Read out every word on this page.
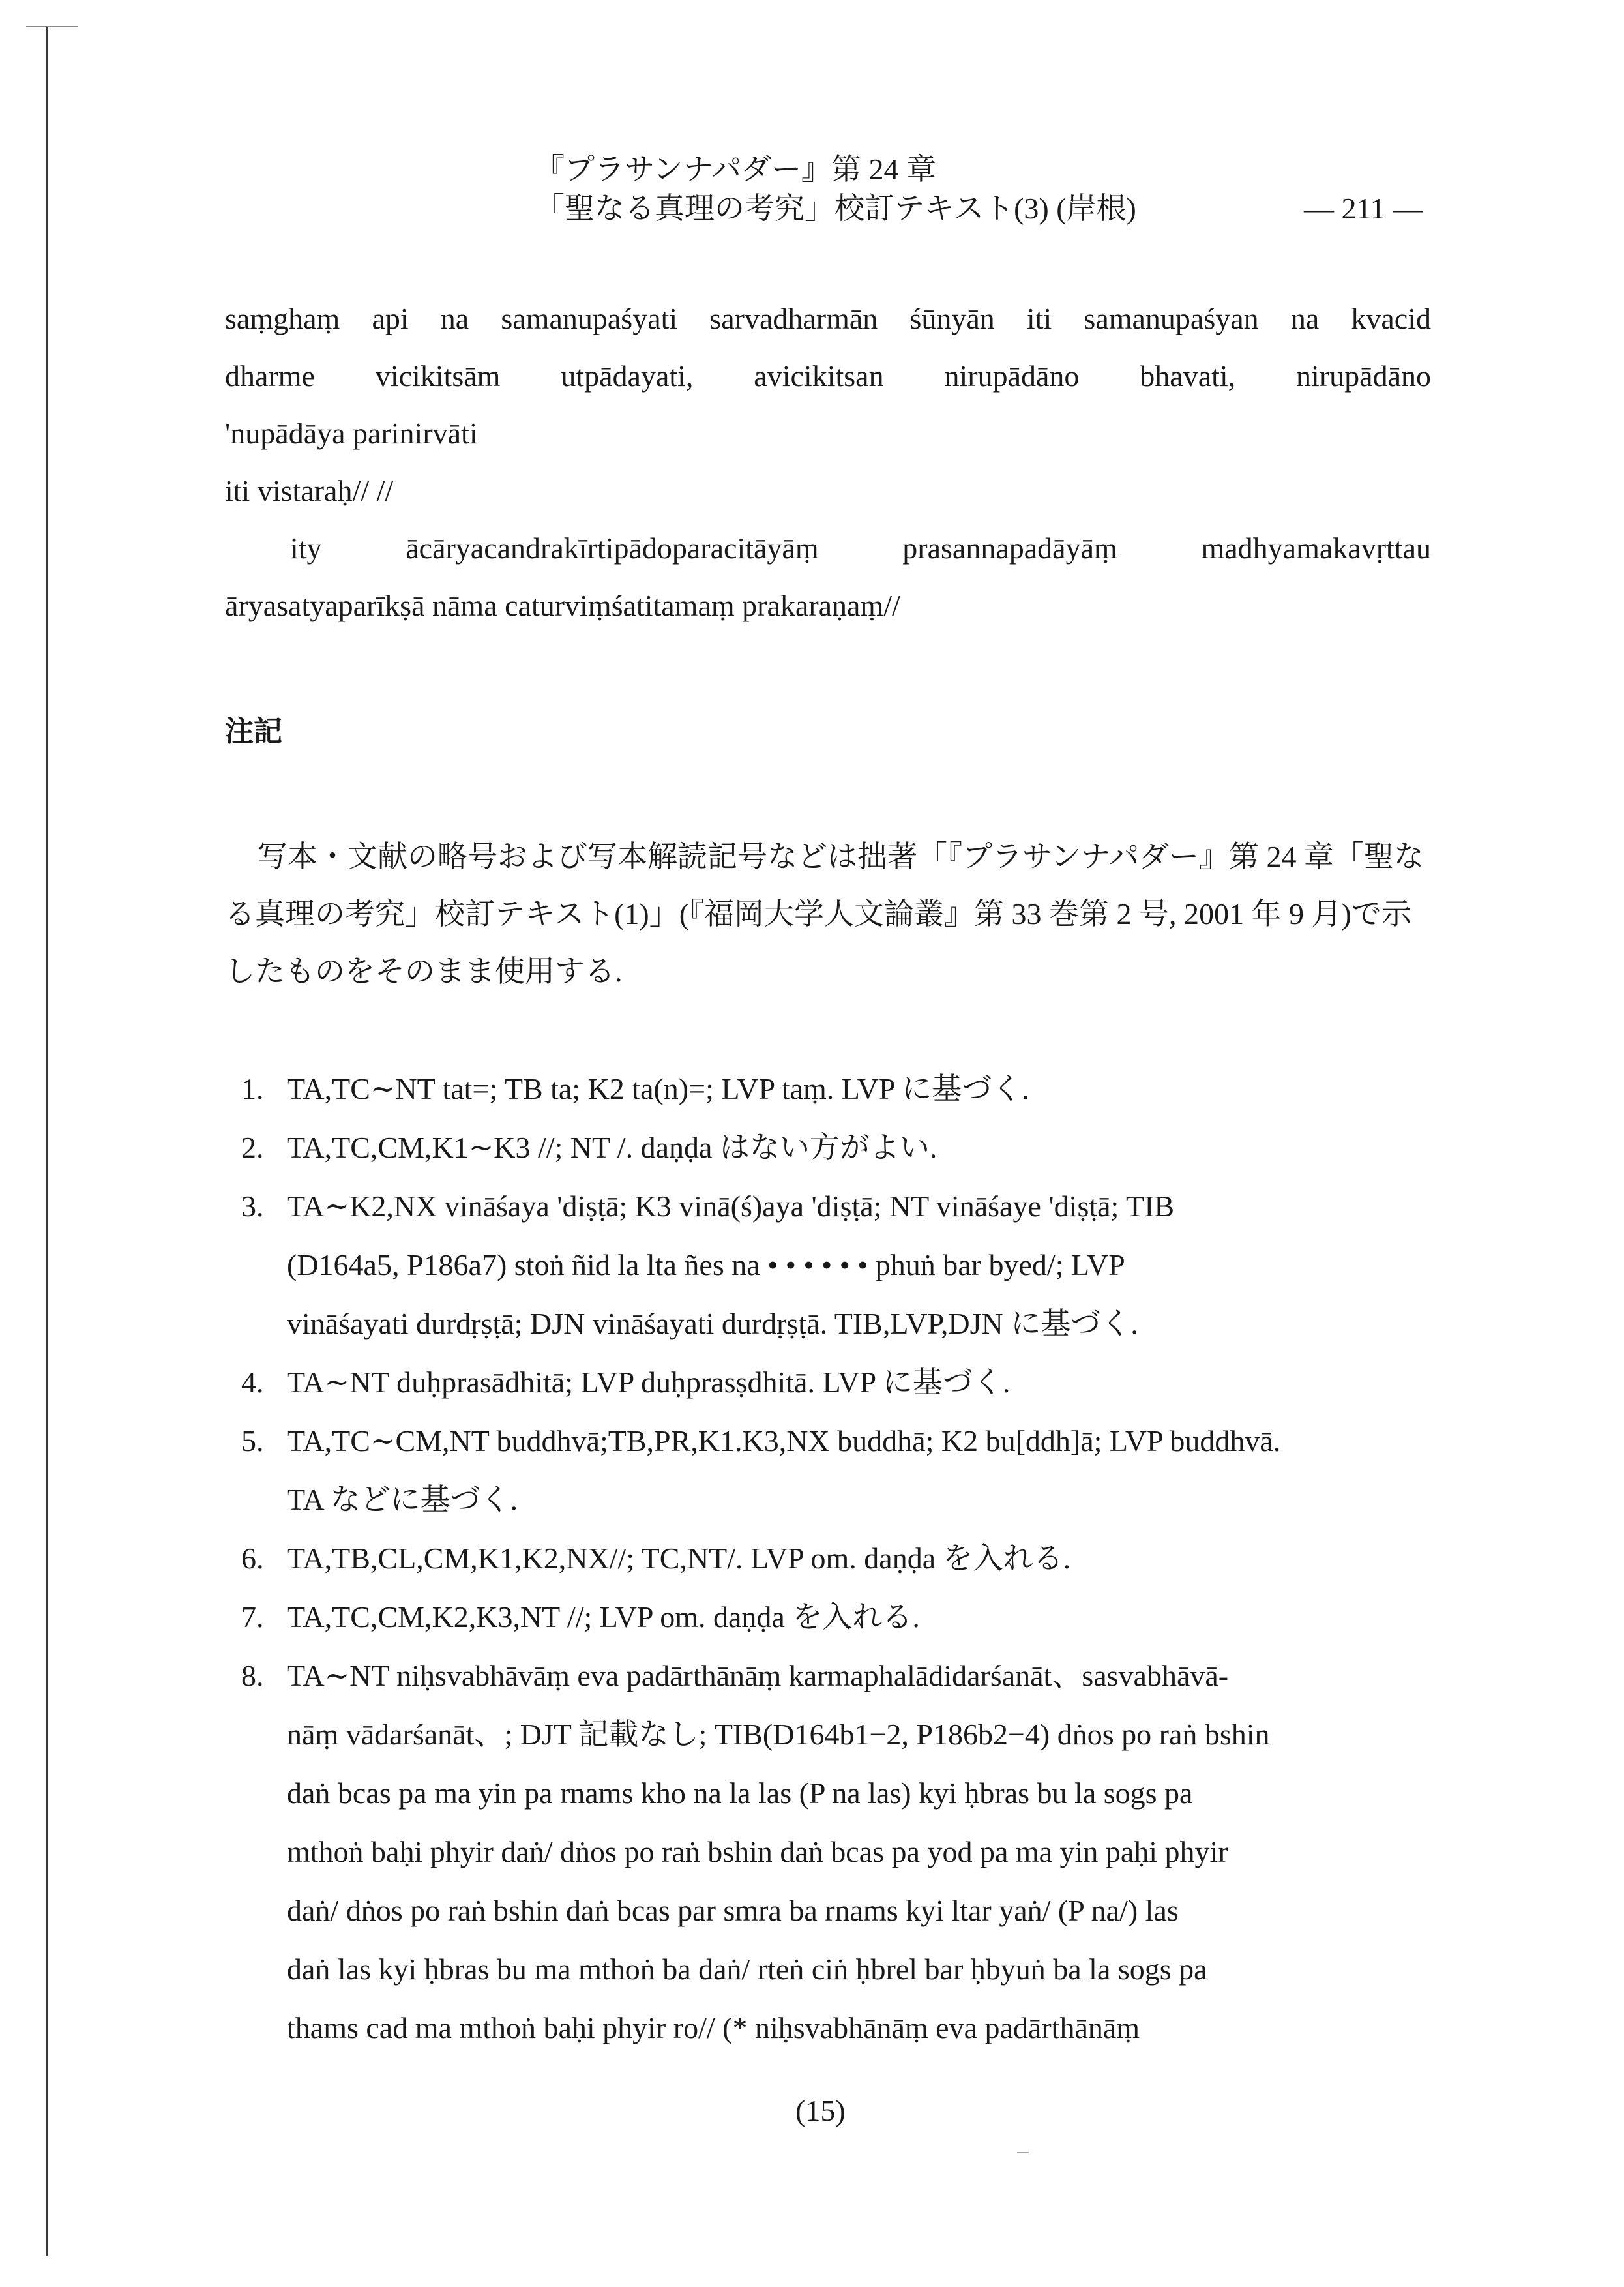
『プラサンナパダー』第 24 章
「聖なる真理の考究」校訂テキスト(3) (岸根)	— 211 —
saṃghaṃ api na samanupaśyati sarvadharmān śūnyān iti samanupaśyan na kvacid
dharme vicikitsām utpādayati, avicikitsan nirupādāno bhavati, nirupādāno
'nupādāya parinirvāti
iti vistaraḥ// //
ity ācāryacandrakīrtipādoparacitāyāṃ prasannapadāyāṃ madhyamakavṛttau
āryasatyaparīkṣā nāma caturviṃśatitamaṃ prakaraṇaṃ//
注記
写本・文献の略号および写本解読記号などは拙著「『プラサンナパダー』第 24 章「聖な
る真理の考究」校訂テキスト(1)」(『福岡大学人文論叢』第 33 巻第 2 号, 2001 年 9 月)で示
したものをそのまま使用する.
1. TA,TC∼NT tat=; TB ta; K2 ta(n)=; LVP taṃ. LVP に基づく.
2. TA,TC,CM,K1∼K3 //; NT /. daṇḍa はない方がよい.
3. TA∼K2,NX vināśaya 'diṣṭā; K3 vinā(ś)aya 'diṣṭā; NT vināśaye 'diṣṭā; TIB
(D164a5, P186a7) stoṅ ñid la lta ñes na • • • • • • phuṅ bar byed/; LVP
vināśayati durdṛṣṭā; DJN vināśayati durdṛṣṭā. TIB,LVP,DJN に基づく.
4. TA∼NT duḥprasādhitā; LVP duḥprasṣdhitā. LVP に基づく.
5. TA,TC∼CM,NT buddhvā;TB,PR,K1.K3,NX buddhā; K2 bu[ddh]ā; LVP buddhvā.
TA などに基づく.
6. TA,TB,CL,CM,K1,K2,NX//; TC,NT/. LVP om. daṇḍa を入れる.
7. TA,TC,CM,K2,K3,NT //; LVP om. daṇḍa を入れる.
8. TA∼NT niḥsvabhāvāṃ eva padārthānāṃ karmaphalādidarśanāt、sasvabhāvā-
nāṃ vādarśanāt、; DJT 記載なし; TIB(D164b1−2, P186b2−4) dṅos po raṅ bshin
daṅ bcas pa ma yin pa rnams kho na la las (P na las) kyi ḥbras bu la sogs pa
mthoṅ baḥi phyir daṅ/ dṅos po raṅ bshin daṅ bcas pa yod pa ma yin paḥi phyir
daṅ/ dṅos po raṅ bshin daṅ bcas par smra ba rnams kyi ltar yaṅ/ (P na/) las
daṅ las kyi ḥbras bu ma mthoṅ ba daṅ/ rteṅ ciṅ ḥbrel bar ḥbyuṅ ba la sogs pa
thams cad ma mthoṅ baḥi phyir ro// (* niḥsvabhānāṃ eva padārthānāṃ
(15)
